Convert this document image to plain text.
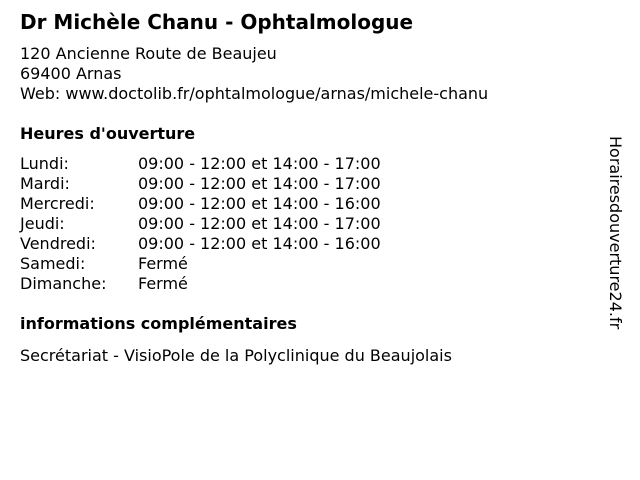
Dr Michèle Chanu - Ophtalmologue
120 Ancienne Route de Beaujeu
69400 Arnas
Web: www.doctolib.fr/ophtalmologue/arnas/michele-chanu
Heures d'ouverture
Lundi:	09:00 - 12:00 et 14:00 - 17:00
Mardi:	09:00 - 12:00 et 14:00 - 17:00
Mercredi:	09:00 - 12:00 et 14:00 - 16:00
Jeudi:	09:00 - 12:00 et 14:00 - 17:00
Vendredi:	09:00 - 12:00 et 14:00 - 16:00
Samedi:	Fermé
Dimanche: Fermé
informations complémentaires

Secrétariat - VisioPole de la Polyclinique du Beaujolais

Horairesdouverture24.fr
